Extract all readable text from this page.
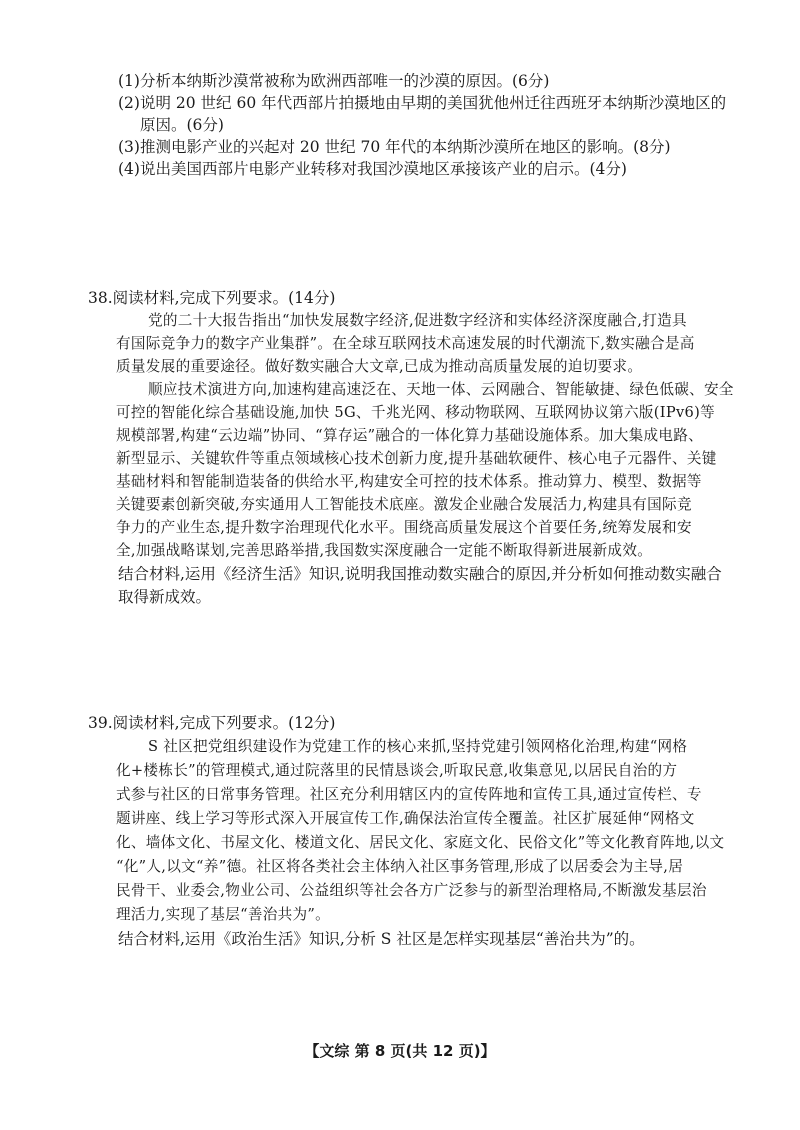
(1)分析本纳斯沙漠常被称为欧洲西部唯一的沙漠的原因。(6分)
(2)说明 20 世纪 60 年代西部片拍摄地由早期的美国犹他州迁往西班牙本纳斯沙漠地区的
原因。(6分)
(3)推测电影产业的兴起对 20 世纪 70 年代的本纳斯沙漠所在地区的影响。(8分)
(4)说出美国西部片电影产业转移对我国沙漠地区承接该产业的启示。(4分)
38.阅读材料,完成下列要求。(14分)
党的二十大报告指出“加快发展数字经济,促进数字经济和实体经济深度融合,打造具
有国际竞争力的数字产业集群”。在全球互联网技术高速发展的时代潮流下,数实融合是高
质量发展的重要途径。做好数实融合大文章,已成为推动高质量发展的迫切要求。
顺应技术演进方向,加速构建高速泛在、天地一体、云网融合、智能敏捷、绿色低碳、安全
可控的智能化综合基础设施,加快 5G、千兆光网、移动物联网、互联网协议第六版(IPv6)等
规模部署,构建“云边端”协同、“算存运”融合的一体化算力基础设施体系。加大集成电路、
新型显示、关键软件等重点领域核心技术创新力度,提升基础软硬件、核心电子元器件、关键
基础材料和智能制造装备的供给水平,构建安全可控的技术体系。推动算力、模型、数据等
关键要素创新突破,夯实通用人工智能技术底座。激发企业融合发展活力,构建具有国际竞
争力的产业生态,提升数字治理现代化水平。围绕高质量发展这个首要任务,统筹发展和安
全,加强战略谋划,完善思路举措,我国数实深度融合一定能不断取得新进展新成效。
结合材料,运用《经济生活》知识,说明我国推动数实融合的原因,并分析如何推动数实融合
取得新成效。
39.阅读材料,完成下列要求。(12分)
S 社区把党组织建设作为党建工作的核心来抓,坚持党建引领网格化治理,构建“网格
化+楼栋长”的管理模式,通过院落里的民情恳谈会,听取民意,收集意见,以居民自治的方
式参与社区的日常事务管理。社区充分利用辖区内的宣传阵地和宣传工具,通过宣传栏、专
题讲座、线上学习等形式深入开展宣传工作,确保法治宣传全覆盖。社区扩展延伸“网格文
化、墙体文化、书屋文化、楼道文化、居民文化、家庭文化、民俗文化”等文化教育阵地,以文
“化”人,以文“养”德。社区将各类社会主体纳入社区事务管理,形成了以居委会为主导,居
民骨干、业委会,物业公司、公益组织等社会各方广泛参与的新型治理格局,不断激发基层治
理活力,实现了基层“善治共为”。
结合材料,运用《政治生活》知识,分析 S 社区是怎样实现基层“善治共为”的。
【文综 第 8 页(共 12 页)】
